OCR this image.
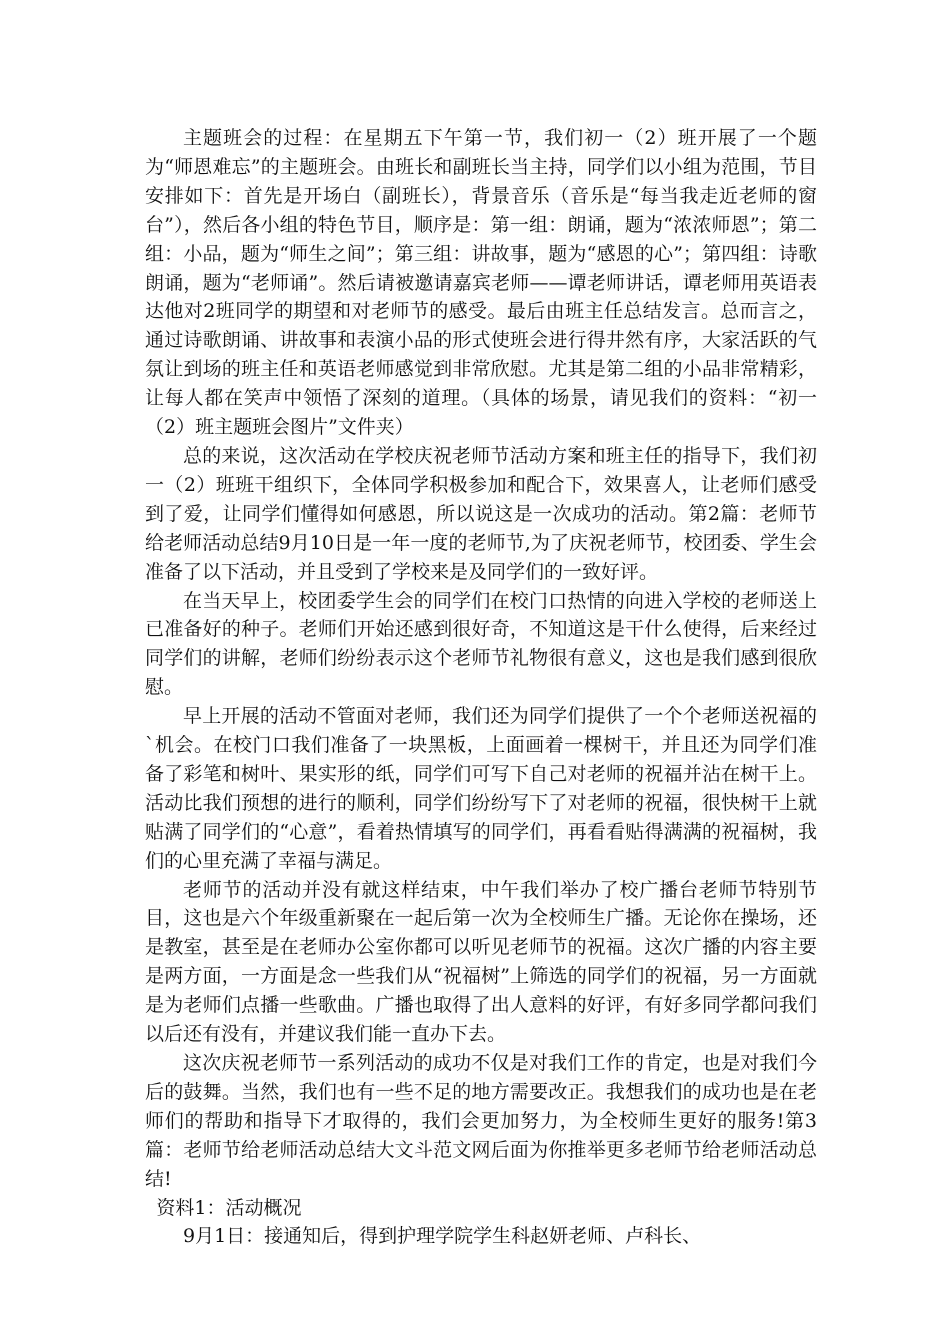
主题班会的过程：在星期五下午第一节，我们初一（2）班开展了一个题为“师恩难忘”的主题班会。由班长和副班长当主持，同学们以小组为范围，节目安排如下：首先是开场白（副班长），背景音乐（音乐是“每当我走近老师的窗台”），然后各小组的特色节目，顺序是：第一组：朗诵，题为“浓浓师恩”；第二组：小品，题为“师生之间”；第三组：讲故事，题为“感恩的心”；第四组：诗歌朗诵，题为“老师诵”。然后请被邀请嘉宾老师——谭老师讲话，谭老师用英语表达他对2班同学的期望和对老师节的感受。最后由班主任总结发言。总而言之，通过诗歌朗诵、讲故事和表演小品的形式使班会进行得井然有序，大家活跃的气氛让到场的班主任和英语老师感觉到非常欣慰。尤其是第二组的小品非常精彩，让每人都在笑声中领悟了深刻的道理。（具体的场景，请见我们的资料：“初一（2）班主题班会图片”文件夹）

总的来说，这次活动在学校庆祝老师节活动方案和班主任的指导下，我们初一（2）班班干组织下，全体同学积极参加和配合下，效果喜人，让老师们感受到了爱，让同学们懂得如何感恩，所以说这是一次成功的活动。第2篇：老师节给老师活动总结9月10日是一年一度的老师节,为了庆祝老师节，校团委、学生会准备了以下活动，并且受到了学校来是及同学们的一致好评。

在当天早上，校团委学生会的同学们在校门口热情的向进入学校的老师送上已准备好的种子。老师们开始还感到很好奇，不知道这是干什么使得，后来经过同学们的讲解，老师们纷纷表示这个老师节礼物很有意义，这也是我们感到很欣慰。

早上开展的活动不管面对老师，我们还为同学们提供了一个个老师送祝福的`机会。在校门口我们准备了一块黑板，上面画着一棵树干，并且还为同学们准备了彩笔和树叶、果实形的纸，同学们可写下自己对老师的祝福并沾在树干上。活动比我们预想的进行的顺利，同学们纷纷写下了对老师的祝福，很快树干上就贴满了同学们的“心意”，看着热情填写的同学们，再看看贴得满满的祝福树，我们的心里充满了幸福与满足。

老师节的活动并没有就这样结束，中午我们举办了校广播台老师节特别节目，这也是六个年级重新聚在一起后第一次为全校师生广播。无论你在操场，还是教室，甚至是在老师办公室你都可以听见老师节的祝福。这次广播的内容主要是两方面，一方面是念一些我们从“祝福树”上筛选的同学们的祝福，另一方面就是为老师们点播一些歌曲。广播也取得了出人意料的好评，有好多同学都问我们以后还有没有，并建议我们能一直办下去。

这次庆祝老师节一系列活动的成功不仅是对我们工作的肯定，也是对我们今后的鼓舞。当然，我们也有一些不足的地方需要改正。我想我们的成功也是在老师们的帮助和指导下才取得的，我们会更加努力，为全校师生更好的服务!第3篇：老师节给老师活动总结大文斗范文网后面为你推举更多老师节给老师活动总结!

资料1：活动概况

9月1日：接通知后，得到护理学院学生科赵妍老师、卢科长、
